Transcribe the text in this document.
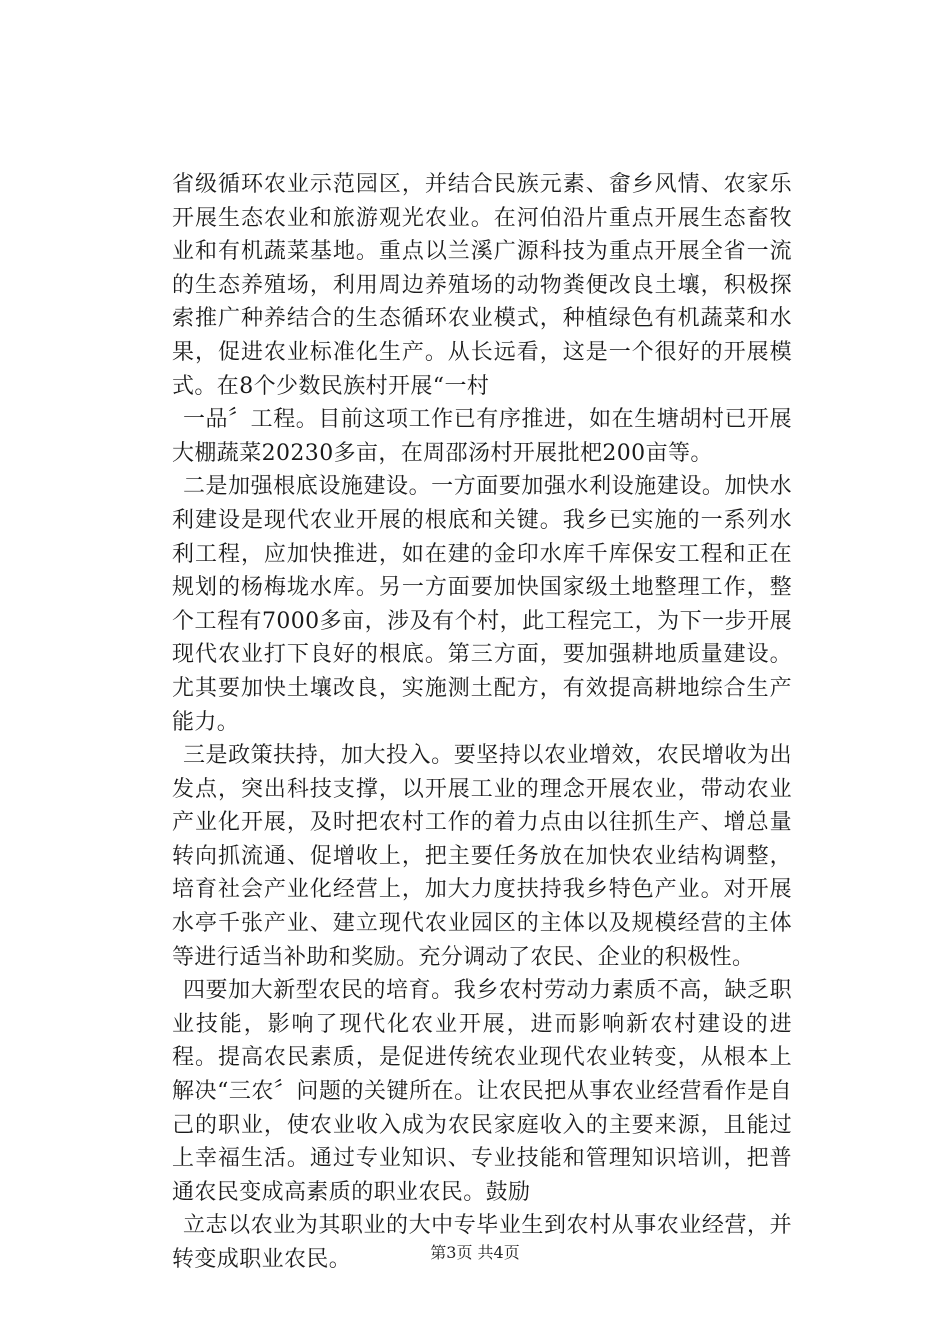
省级循环农业示范园区，并结合民族元素、畲乡风情、农家乐开展生态农业和旅游观光农业。在河伯沿片重点开展生态畜牧业和有机蔬菜基地。重点以兰溪广源科技为重点开展全省一流的生态养殖场，利用周边养殖场的动物粪便改良土壤，积极探索推广种养结合的生态循环农业模式，种植绿色有机蔬菜和水果，促进农业标准化生产。从长远看，这是一个很好的开展模式。在8个少数民族村开展“一村

一品〞工程。目前这项工作已有序推进，如在生塘胡村已开展大棚蔬菜20230多亩，在周邵汤村开展批杷200亩等。

二是加强根底设施建设。一方面要加强水利设施建设。加快水利建设是现代农业开展的根底和关键。我乡已实施的一系列水利工程，应加快推进，如在建的金印水库千库保安工程和正在规划的杨梅垅水库。另一方面要加快国家级土地整理工作，整个工程有7000多亩，涉及有个村，此工程完工，为下一步开展现代农业打下良好的根底。第三方面，要加强耕地质量建设。尤其要加快土壤改良，实施测土配方，有效提高耕地综合生产能力。

三是政策扶持，加大投入。要坚持以农业增效，农民增收为出发点，突出科技支撑，以开展工业的理念开展农业，带动农业产业化开展，及时把农村工作的着力点由以往抓生产、增总量转向抓流通、促增收上，把主要任务放在加快农业结构调整，培育社会产业化经营上，加大力度扶持我乡特色产业。对开展水亭千张产业、建立现代农业园区的主体以及规模经营的主体等进行适当补助和奖励。充分调动了农民、企业的积极性。

四要加大新型农民的培育。我乡农村劳动力素质不高，缺乏职业技能，影响了现代化农业开展，进而影响新农村建设的进程。提高农民素质，是促进传统农业现代农业转变，从根本上解决“三农〞问题的关键所在。让农民把从事农业经营看作是自己的职业，使农业收入成为农民家庭收入的主要来源，且能过上幸福生活。通过专业知识、专业技能和管理知识培训，把普通农民变成高素质的职业农民。鼓励

立志以农业为其职业的大中专毕业生到农村从事农业经营，并转变成职业农民。	第3页 共4页
